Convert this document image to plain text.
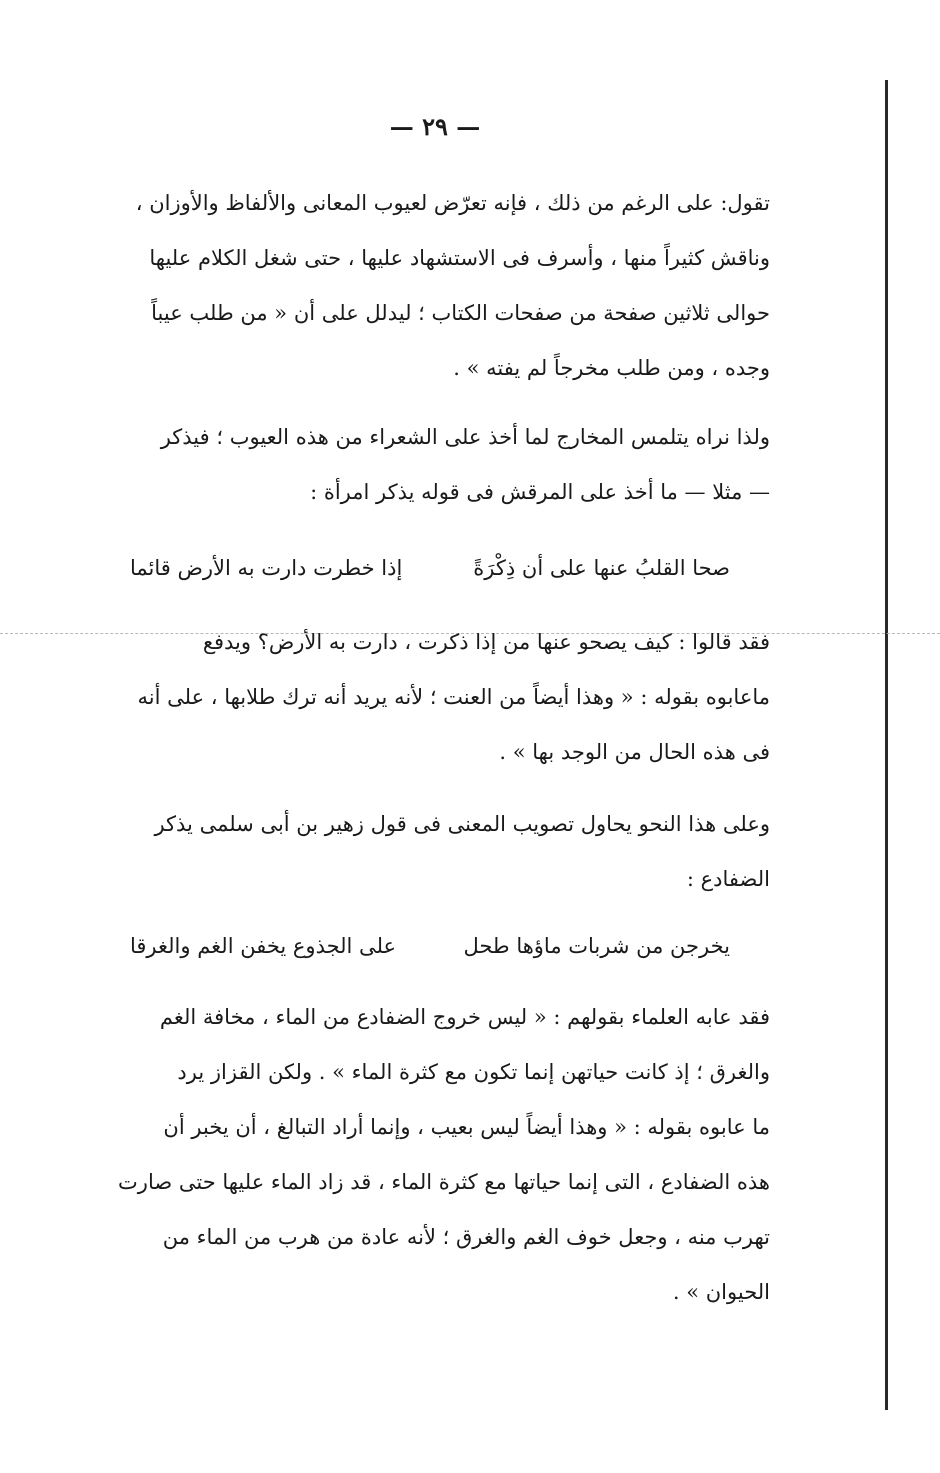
— ٢٩ —
تقول: على الرغم من ذلك ، فإنه تعرّض لعيوب المعانى والألفاظ والأوزان ،
وناقش كثيراً منها ، وأسرف فى الاستشهاد عليها ، حتى شغل الكلام عليها
حوالى ثلاثين صفحة من صفحات الكتاب ؛ ليدلل على أن « من طلب عيباً
وجده ، ومن طلب مخرجاً لم يفته » .
ولذا نراه يتلمس المخارج لما أخذ على الشعراء من هذه العيوب ؛ فيذكر
— مثلا — ما أخذ على المرقش فى قوله يذكر امرأة :
صحا القلبُ عنها على أن ذِكْرَةً
إذا خطرت دارت به الأرض قائما
فقد قالوا : كيف يصحو عنها من إذا ذكرت ، دارت به الأرض؟ ويدفع
ماعابوه بقوله : « وهذا أيضاً من العنت ؛ لأنه يريد أنه ترك طلابها ، على أنه
فى هذه الحال من الوجد بها » .
وعلى هذا النحو يحاول تصويب المعنى فى قول زهير بن أبى سلمى يذكر
الضفادع :
يخرجن من شربات ماؤها طحل
على الجذوع يخفن الغم والغرقا
فقد عابه العلماء بقولهم : « ليس خروج الضفادع من الماء ، مخافة الغم
والغرق ؛ إذ كانت حياتهن إنما تكون مع كثرة الماء » . ولكن القزاز يرد
ما عابوه بقوله : « وهذا أيضاً ليس بعيب ، وإنما أراد التبالغ ، أن يخبر أن
هذه الضفادع ، التى إنما حياتها مع كثرة الماء ، قد زاد الماء عليها حتى صارت
تهرب منه ، وجعل خوف الغم والغرق ؛ لأنه عادة من هرب من الماء من
الحيوان » .
